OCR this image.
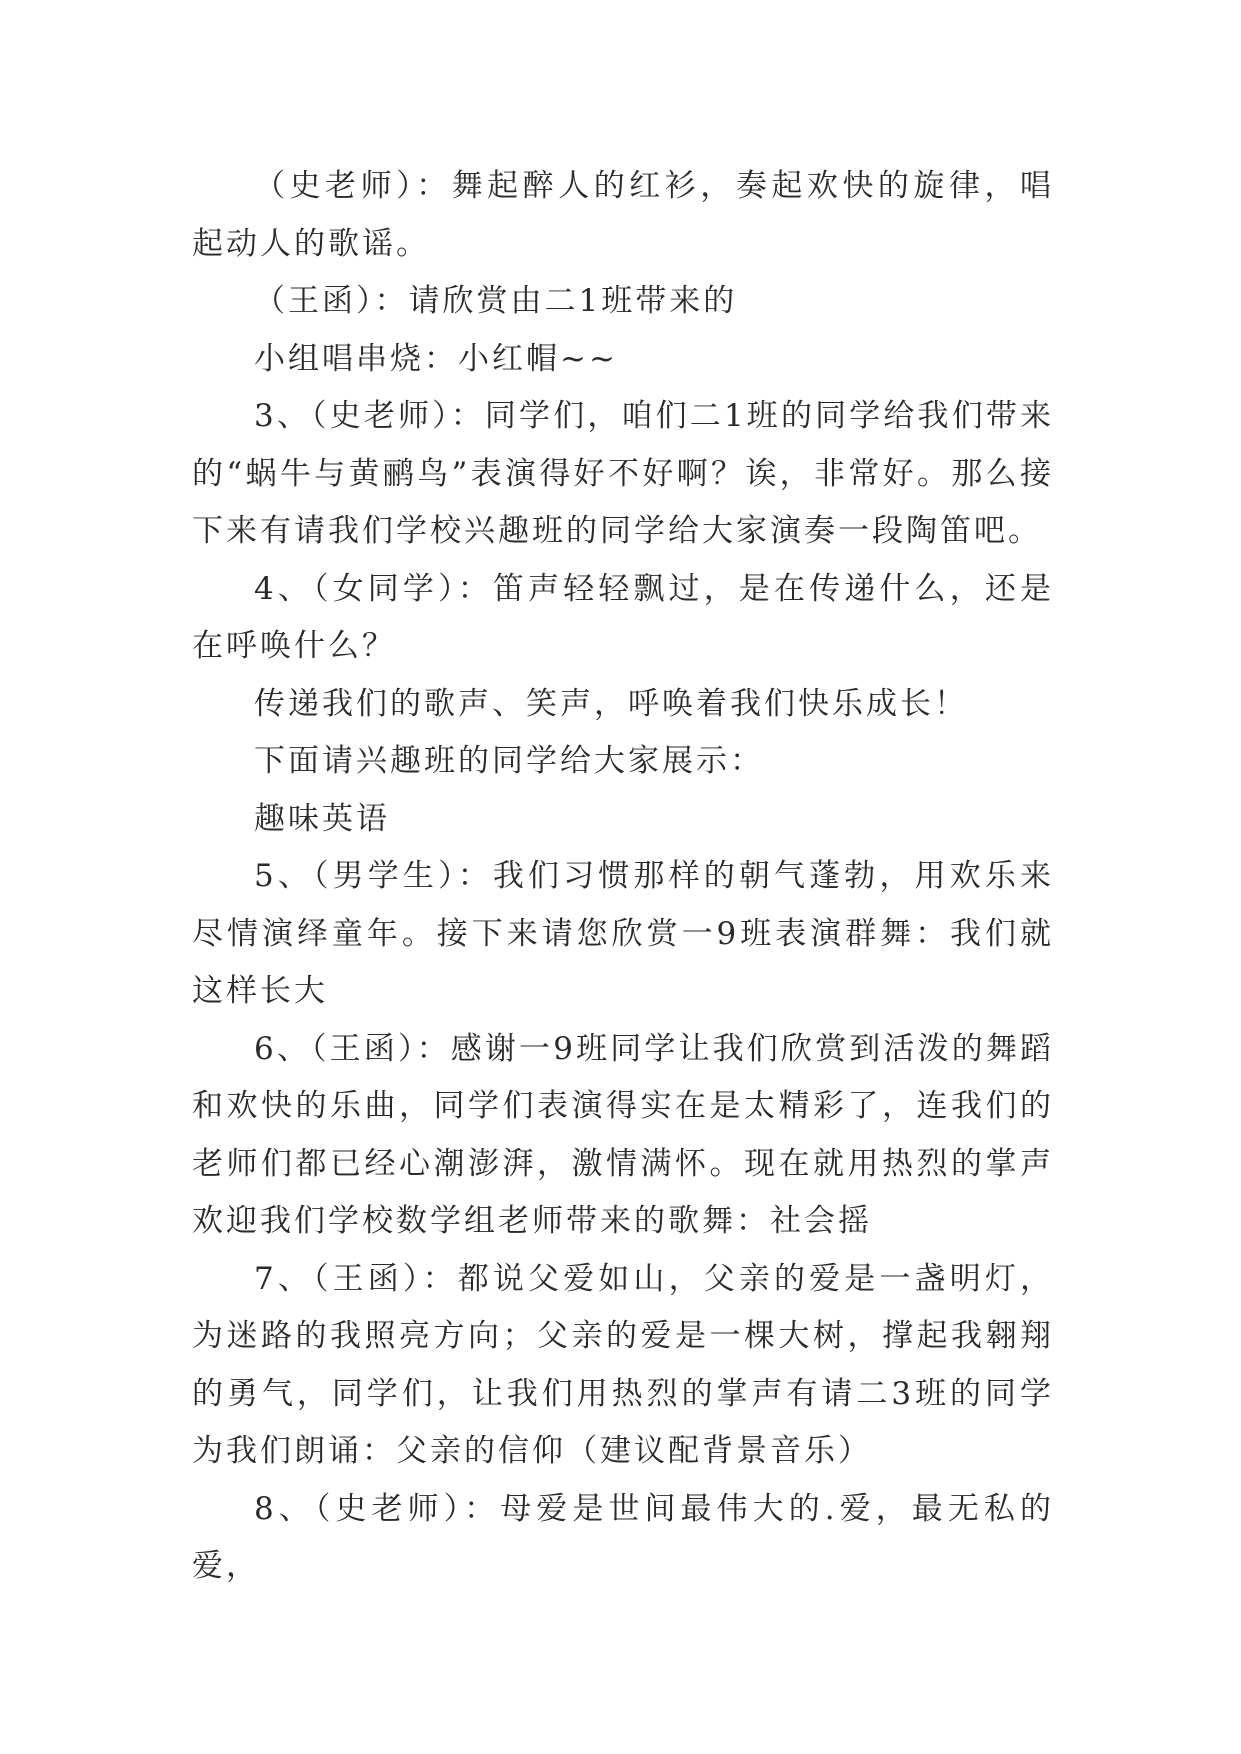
（史老师）：舞起醉人的红衫，奏起欢快的旋律，唱起动人的歌谣。

（王函）：请欣赏由二1班带来的

小组唱串烧：小红帽~~

3、（史老师）：同学们，咱们二1班的同学给我们带来的“蜗牛与黄鹂鸟”表演得好不好啊？诶，非常好。那么接下来有请我们学校兴趣班的同学给大家演奏一段陶笛吧。

4、（女同学）：笛声轻轻飘过，是在传递什么，还是在呼唤什么？

传递我们的歌声、笑声，呼唤着我们快乐成长！

下面请兴趣班的同学给大家展示：

趣味英语

5、（男学生）：我们习惯那样的朝气蓬勃，用欢乐来尽情演绎童年。接下来请您欣赏一9班表演群舞：我们就这样长大

6、（王函）：感谢一9班同学让我们欣赏到活泼的舞蹈和欢快的乐曲，同学们表演得实在是太精彩了，连我们的老师们都已经心潮澎湃，激情满怀。现在就用热烈的掌声欢迎我们学校数学组老师带来的歌舞：社会摇

7、（王函）：都说父爱如山，父亲的爱是一盏明灯，为迷路的我照亮方向；父亲的爱是一棵大树，撑起我翱翔的勇气，同学们，让我们用热烈的掌声有请二3班的同学为我们朗诵：父亲的信仰（建议配背景音乐）

8、（史老师）：母爱是世间最伟大的.爱，最无私的爱，
